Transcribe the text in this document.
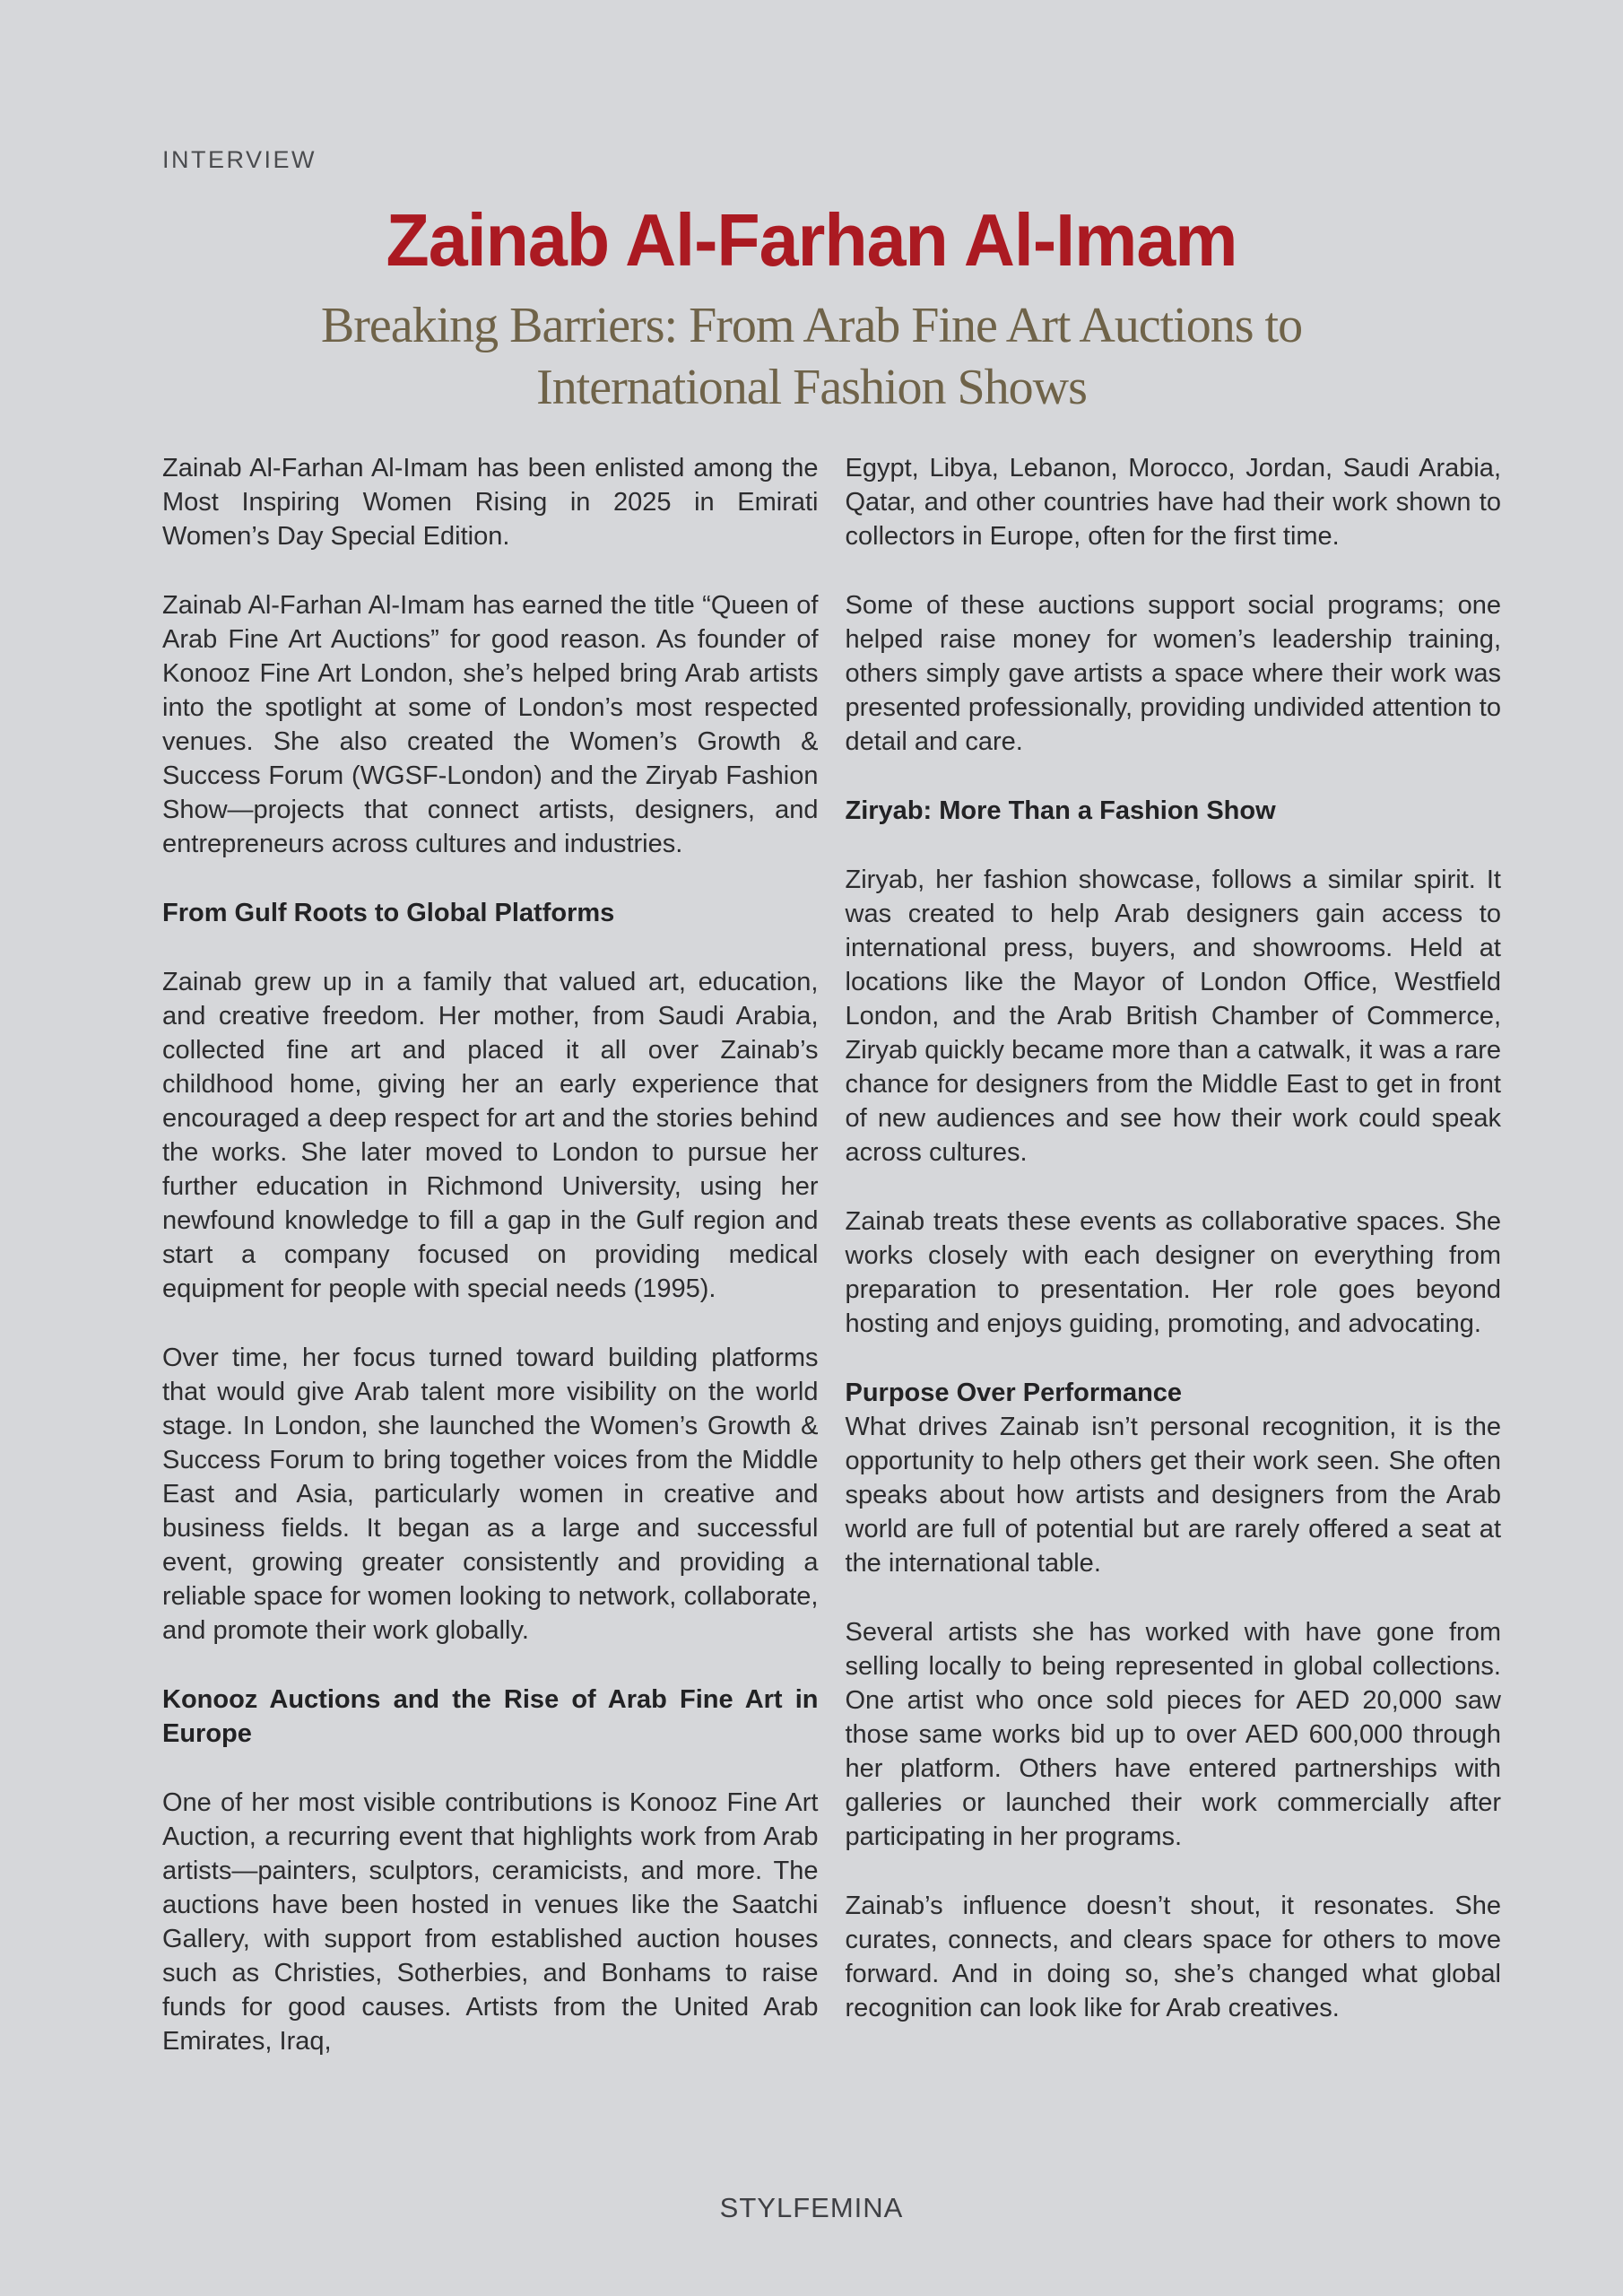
INTERVIEW
Zainab Al-Farhan Al-Imam
Breaking Barriers: From Arab Fine Art Auctions to
International Fashion Shows

Zainab Al-Farhan Al-Imam has been enlisted among the Most Inspiring Women Rising in 2025 in Emirati Women’s Day Special Edition.

Zainab Al-Farhan Al-Imam has earned the title “Queen of Arab Fine Art Auctions” for good reason. As founder of Konooz Fine Art London, she’s helped bring Arab artists into the spotlight at some of London’s most respected venues. She also created the Women’s Growth & Success Forum (WGSF-London) and the Ziryab Fashion Show—projects that connect artists, designers, and entrepreneurs across cultures and industries.

From Gulf Roots to Global Platforms

Zainab grew up in a family that valued art, education, and creative freedom. Her mother, from Saudi Arabia, collected fine art and placed it all over Zainab’s childhood home, giving her an early experience that encouraged a deep respect for art and the stories behind the works. She later moved to London to pursue her further education in Richmond University, using her newfound knowledge to fill a gap in the Gulf region and start a company focused on providing medical equipment for people with special needs (1995).

Over time, her focus turned toward building platforms that would give Arab talent more visibility on the world stage. In London, she launched the Women’s Growth & Success Forum to bring together voices from the Middle East and Asia, particularly women in creative and business fields. It began as a large and successful event, growing greater consistently and providing a reliable space for women looking to network, collaborate, and promote their work globally.

Konooz Auctions and the Rise of Arab Fine Art in Europe

One of her most visible contributions is Konooz Fine Art Auction, a recurring event that highlights work from Arab artists—painters, sculptors, ceramicists, and more. The auctions have been hosted in venues like the Saatchi Gallery, with support from established auction houses such as Christies, Sotherbies, and Bonhams to raise funds for good causes. Artists from the United Arab Emirates, Iraq,

Egypt, Libya, Lebanon, Morocco, Jordan, Saudi Arabia, Qatar, and other countries have had their work shown to collectors in Europe, often for the first time.

Some of these auctions support social programs; one helped raise money for women’s leadership training, others simply gave artists a space where their work was presented professionally, providing undivided attention to detail and care.

Ziryab: More Than a Fashion Show

Ziryab, her fashion showcase, follows a similar spirit. It was created to help Arab designers gain access to international press, buyers, and showrooms. Held at locations like the Mayor of London Office, Westfield London, and the Arab British Chamber of Commerce, Ziryab quickly became more than a catwalk, it was a rare chance for designers from the Middle East to get in front of new audiences and see how their work could speak across cultures.

Zainab treats these events as collaborative spaces. She works closely with each designer on everything from preparation to presentation. Her role goes beyond hosting and enjoys guiding, promoting, and advocating.

Purpose Over Performance

What drives Zainab isn’t personal recognition, it is the opportunity to help others get their work seen. She often speaks about how artists and designers from the Arab world are full of potential but are rarely offered a seat at the international table.

Several artists she has worked with have gone from selling locally to being represented in global collections. One artist who once sold pieces for AED 20,000 saw those same works bid up to over AED 600,000 through her platform. Others have entered partnerships with galleries or launched their work commercially after participating in her programs.

Zainab’s influence doesn’t shout, it resonates. She curates, connects, and clears space for others to move forward. And in doing so, she’s changed what global recognition can look like for Arab creatives.

STYLFEMINA
